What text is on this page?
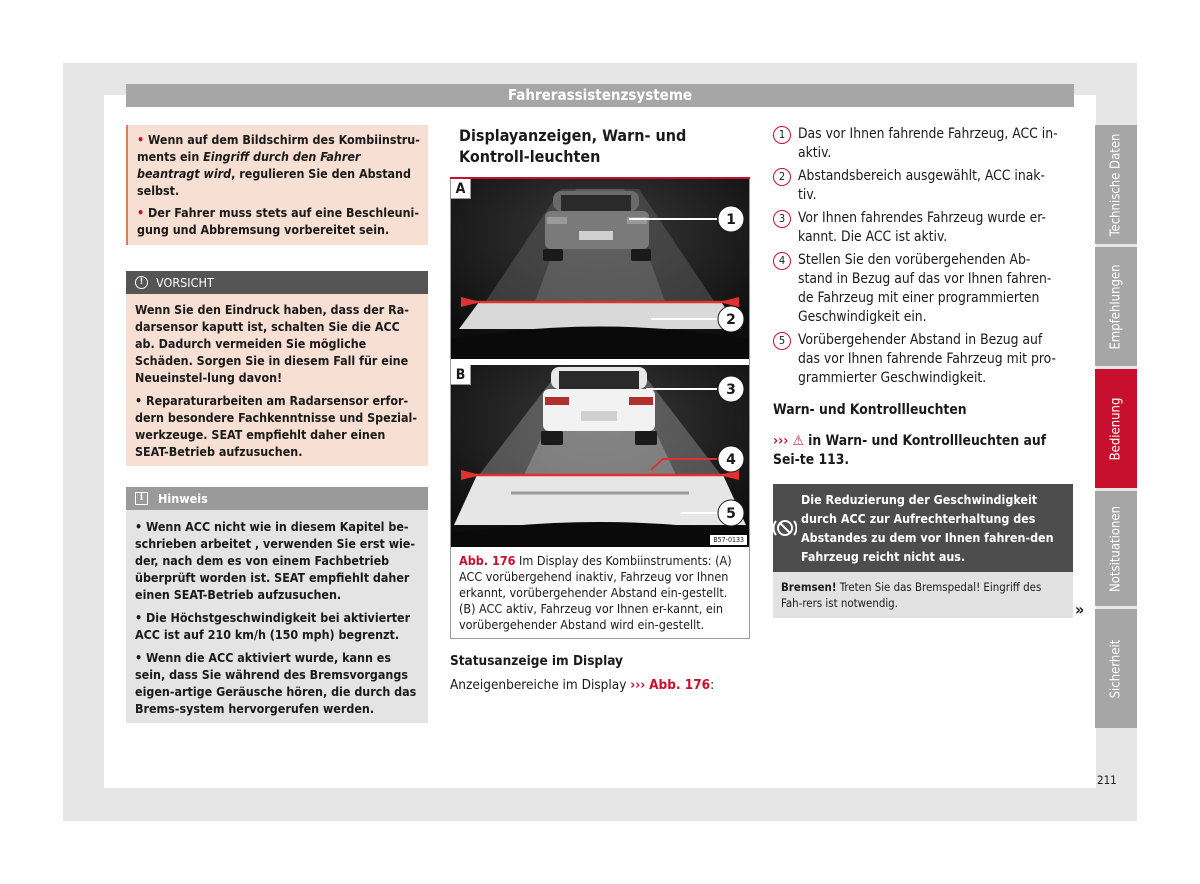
Fahrerassistenzsysteme

• Wenn auf dem Bildschirm des Kombiinstru-ments ein Eingriff durch den Fahrer beantragt wird, regulieren Sie den Abstand selbst.

• Der Fahrer muss stets auf eine Beschleuni-gung und Abbremsung vorbereitet sein.

!	VORSICHT

Wenn Sie den Eindruck haben, dass der Ra-darsensor kaputt ist, schalten Sie die ACC ab. Dadurch vermeiden Sie mögliche Schäden. Sorgen Sie in diesem Fall für eine Neueinstel-lung davon!

• Reparaturarbeiten am Radarsensor erfor-dern besondere Fachkenntnisse und Spezial-werkzeuge. SEAT empfiehlt daher einen SEAT-Betrieb aufzusuchen.

i	Hinweis

• Wenn ACC nicht wie in diesem Kapitel be-schrieben arbeitet , verwenden Sie erst wie-der, nach dem es von einem Fachbetrieb überprüft worden ist. SEAT empfiehlt daher einen SEAT-Betrieb aufzusuchen.

• Die Höchstgeschwindigkeit bei aktivierter ACC ist auf 210 km/h (150 mph) begrenzt.

• Wenn die ACC aktiviert wurde, kann es sein, dass Sie während des Bremsvorgangs eigen-artige Geräusche hören, die durch das Brems-system hervorgerufen werden.

Displayanzeigen, Warn- und Kontroll-leuchten
1
2
A
3
4
5
B
B57-0133
Abb. 176 Im Display des Kombiinstruments: (A) ACC vorübergehend inaktiv, Fahrzeug vor Ihnen erkannt, vorübergehender Abstand ein-gestellt. (B) ACC aktiv, Fahrzeug vor Ihnen er-kannt, ein vorübergehender Abstand wird ein-gestellt.
Statusanzeige im Display
Anzeigenbereiche im Display ››› Abb. 176:
1 Das vor Ihnen fahrende Fahrzeug, ACC in-aktiv.
2 Abstandsbereich ausgewählt, ACC inak-tiv.
3 Vor Ihnen fahrendes Fahrzeug wurde er-kannt. Die ACC ist aktiv.
4 Stellen Sie den vorübergehenden Ab-stand in Bezug auf das vor Ihnen fahren-de Fahrzeug mit einer programmierten Geschwindigkeit ein.
5 Vorübergehender Abstand in Bezug auf das vor Ihnen fahrende Fahrzeug mit pro-grammierter Geschwindigkeit.
Warn- und Kontrollleuchten
››› ⚠ in Warn- und Kontrollleuchten auf Sei-te 113.
Die Reduzierung der Geschwindigkeit durch ACC zur Aufrechterhaltung des Abstandes zu dem vor Ihnen fahren-den Fahrzeug reicht nicht aus.
Bremsen! Treten Sie das Bremspedal! Eingriff des Fah-rers ist notwendig.	»
Technische Daten
Empfehlungen
Bedienung
Notsituationen
Sicherheit
211
